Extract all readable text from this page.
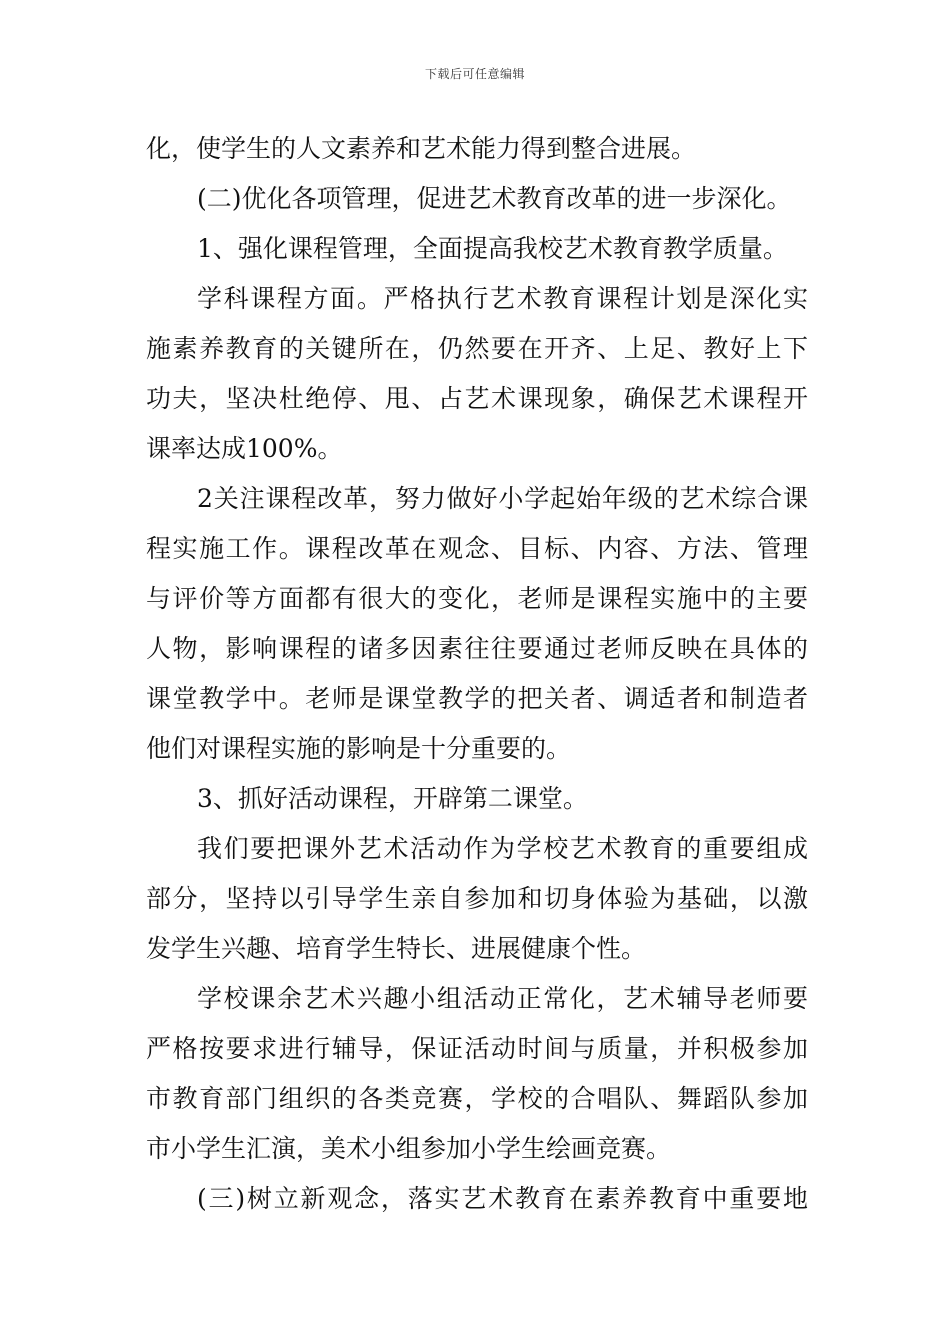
下载后可任意编辑
化，使学生的人文素养和艺术能力得到整合进展。
(二)优化各项管理，促进艺术教育改革的进一步深化。
1、强化课程管理，全面提高我校艺术教育教学质量。
学科课程方面。严格执行艺术教育课程计划是深化实
施素养教育的关键所在，仍然要在开齐、上足、教好上下
功夫，坚决杜绝停、甩、占艺术课现象，确保艺术课程开
课率达成100%。
2关注课程改革，努力做好小学起始年级的艺术综合课
程实施工作。课程改革在观念、目标、内容、方法、管理
与评价等方面都有很大的变化，老师是课程实施中的主要
人物，影响课程的诸多因素往往要通过老师反映在具体的
课堂教学中。老师是课堂教学的把关者、调适者和制造者
他们对课程实施的影响是十分重要的。
3、抓好活动课程，开辟第二课堂。
我们要把课外艺术活动作为学校艺术教育的重要组成
部分，坚持以引导学生亲自参加和切身体验为基础，以激
发学生兴趣、培育学生特长、进展健康个性。
学校课余艺术兴趣小组活动正常化，艺术辅导老师要
严格按要求进行辅导，保证活动时间与质量，并积极参加
市教育部门组织的各类竞赛，学校的合唱队、舞蹈队参加
市小学生汇演，美术小组参加小学生绘画竞赛。
(三)树立新观念，落实艺术教育在素养教育中重要地
